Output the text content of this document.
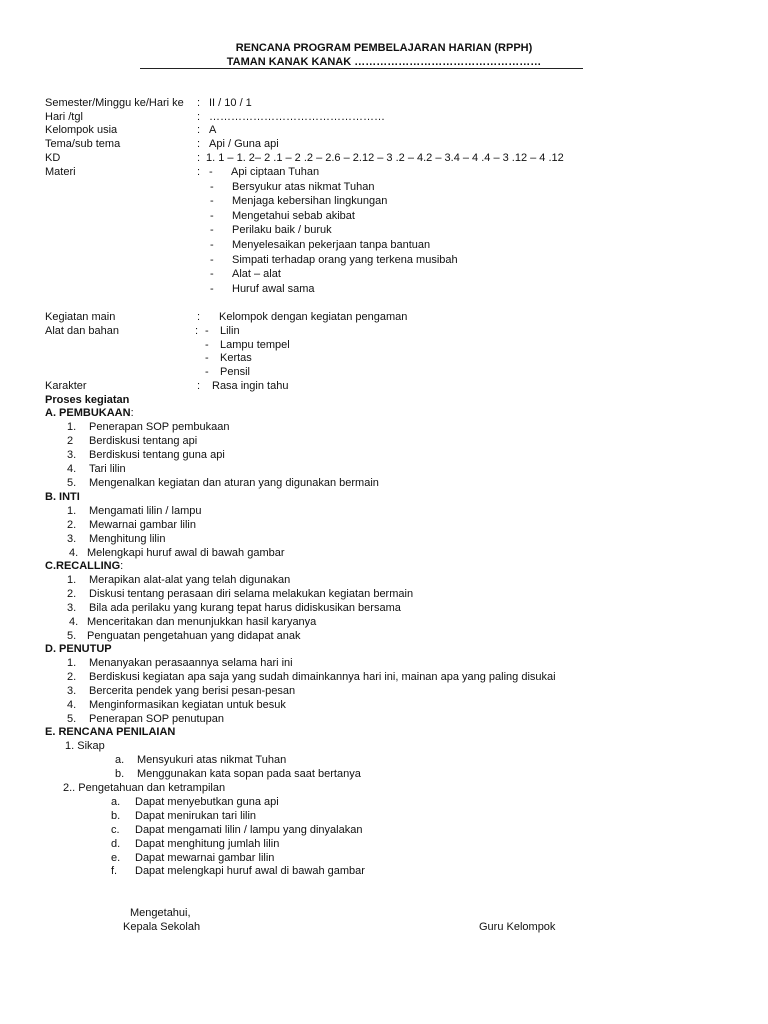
RENCANA PROGRAM PEMBELAJARAN HARIAN (RPPH)
TAMAN KANAK KANAK ……………………………………………
Semester/Minggu ke/Hari ke : II / 10 / 1
Hari /tgl	: …………………………………………
Kelompok usia	: A
Tema/sub tema	: Api / Guna api
KD	: 1. 1 – 1. 2– 2 .1 – 2 .2 – 2.6 – 2.12 – 3 .2 – 4.2 – 3.4 – 4 .4 – 3 .12 – 4 .12
Materi	: - Api ciptaan Tuhan
- Bersyukur atas nikmat Tuhan
- Menjaga kebersihan lingkungan
- Mengetahui sebab akibat
- Perilaku baik / buruk
- Menyelesaikan pekerjaan tanpa bantuan
- Simpati terhadap orang yang terkena musibah
- Alat – alat
- Huruf awal sama
Kegiatan main	: Kelompok dengan kegiatan pengaman
Alat dan bahan	: - Lilin
- Lampu tempel
- Kertas
- Pensil
Karakter	: Rasa ingin tahu
Proses kegiatan
A. PEMBUKAAN:
1. Penerapan SOP pembukaan
2 Berdiskusi tentang api
3. Berdiskusi tentang guna api
4. Tari lilin
5. Mengenalkan kegiatan dan aturan yang digunakan bermain
B. INTI
1. Mengamati lilin / lampu
2. Mewarnai gambar lilin
3. Menghitung lilin
4. Melengkapi huruf awal di bawah gambar
C.RECALLING:
1. Merapikan alat-alat yang telah digunakan
2. Diskusi tentang perasaan diri selama melakukan kegiatan bermain
3. Bila ada perilaku yang kurang tepat harus didiskusikan bersama
4. Menceritakan dan menunjukkan hasil karyanya
5. Penguatan pengetahuan yang didapat anak
D. PENUTUP
1. Menanyakan perasaannya selama hari ini
2. Berdiskusi kegiatan apa saja yang sudah dimainkannya hari ini, mainan apa yang paling disukai
3. Bercerita pendek yang berisi pesan-pesan
4. Menginformasikan kegiatan untuk besuk
5. Penerapan SOP penutupan
E. RENCANA PENILAIAN
1. Sikap
a. Mensyukuri atas nikmat Tuhan
b. Menggunakan kata sopan pada saat bertanya
2.. Pengetahuan dan ketrampilan
a. Dapat menyebutkan guna api
b. Dapat menirukan tari lilin
c. Dapat mengamati lilin / lampu yang dinyalakan
d. Dapat menghitung jumlah lilin
e. Dapat mewarnai gambar lilin
f. Dapat melengkapi huruf awal di bawah gambar
Mengetahui,
Kepala Sekolah	Guru Kelompok
